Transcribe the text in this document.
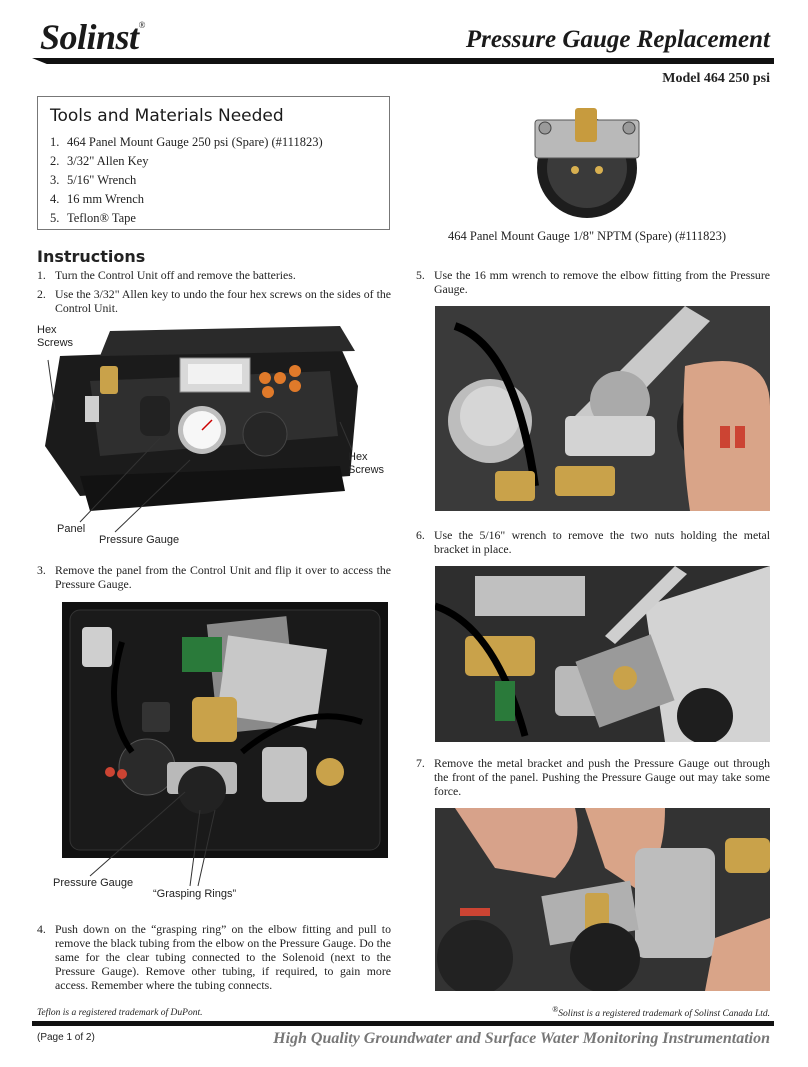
Solinst®
Pressure Gauge Replacement
Model 464 250 psi
Tools and Materials Needed
1. 464 Panel Mount Gauge 250 psi (Spare) (#111823)
2. 3/32" Allen Key
3. 5/16" Wrench
4. 16 mm Wrench
5. Teflon® Tape
464 Panel Mount Gauge 1/8" NPTM (Spare) (#111823)
Instructions
1. Turn the Control Unit off and remove the batteries.
2. Use the 3/32" Allen key to undo the four hex screws on the sides of the Control Unit.
Hex Screws
Hex Screws
Panel
Pressure Gauge
3. Remove the panel from the Control Unit and flip it over to access the Pressure Gauge.
Pressure Gauge
“Grasping Rings”
4. Push down on the “grasping ring” on the elbow fitting and pull to remove the black tubing from the elbow on the Pressure Gauge. Do the same for the clear tubing connected to the Solenoid (next to the Pressure Gauge). Remove other tubing, if required, to gain more access. Remember where the tubing connects.
5. Use the 16 mm wrench to remove the elbow fitting from the Pressure Gauge.
6. Use the 5/16" wrench to remove the two nuts holding the metal bracket in place.
7. Remove the metal bracket and push the Pressure Gauge out through the front of the panel. Pushing the Pressure Gauge out may take some force.
Teflon is a registered trademark of DuPont.	®Solinst is a registered trademark of Solinst Canada Ltd.
(Page 1 of 2)	High Quality Groundwater and Surface Water Monitoring Instrumentation
